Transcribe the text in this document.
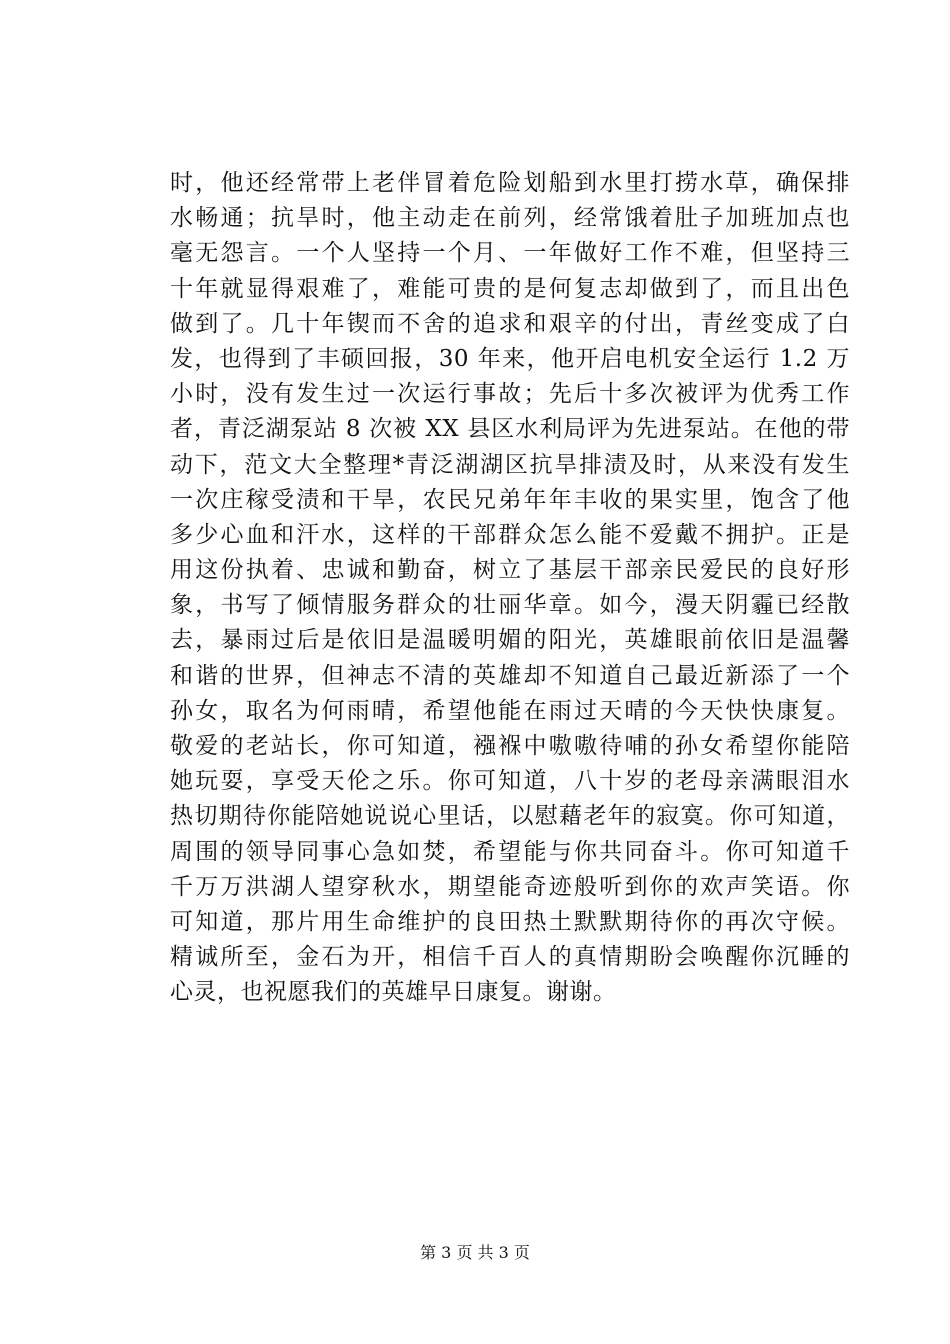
时，他还经常带上老伴冒着危险划船到水里打捞水草，确保排
水畅通；抗旱时，他主动走在前列，经常饿着肚子加班加点也
毫无怨言。一个人坚持一个月、一年做好工作不难，但坚持三
十年就显得艰难了，难能可贵的是何复志却做到了，而且出色
做到了。几十年锲而不舍的追求和艰辛的付出，青丝变成了白
发，也得到了丰硕回报，30 年来，他开启电机安全运行 1.2 万
小时，没有发生过一次运行事故；先后十多次被评为优秀工作
者，青泛湖泵站 8 次被 XX 县区水利局评为先进泵站。在他的带
动下，范文大全整理*青泛湖湖区抗旱排渍及时，从来没有发生
一次庄稼受渍和干旱，农民兄弟年年丰收的果实里，饱含了他
多少心血和汗水，这样的干部群众怎么能不爱戴不拥护。正是
用这份执着、忠诚和勤奋，树立了基层干部亲民爱民的良好形
象，书写了倾情服务群众的壮丽华章。如今，漫天阴霾已经散
去，暴雨过后是依旧是温暖明媚的阳光，英雄眼前依旧是温馨
和谐的世界，但神志不清的英雄却不知道自己最近新添了一个
孙女，取名为何雨晴，希望他能在雨过天晴的今天快快康复。
敬爱的老站长，你可知道，襁褓中嗷嗷待哺的孙女希望你能陪
她玩耍，享受天伦之乐。你可知道，八十岁的老母亲满眼泪水
热切期待你能陪她说说心里话，以慰藉老年的寂寞。你可知道，
周围的领导同事心急如焚，希望能与你共同奋斗。你可知道千
千万万洪湖人望穿秋水，期望能奇迹般听到你的欢声笑语。你
可知道，那片用生命维护的良田热土默默期待你的再次守候。
精诚所至，金石为开，相信千百人的真情期盼会唤醒你沉睡的
心灵，也祝愿我们的英雄早日康复。谢谢。
第 3 页 共 3 页
